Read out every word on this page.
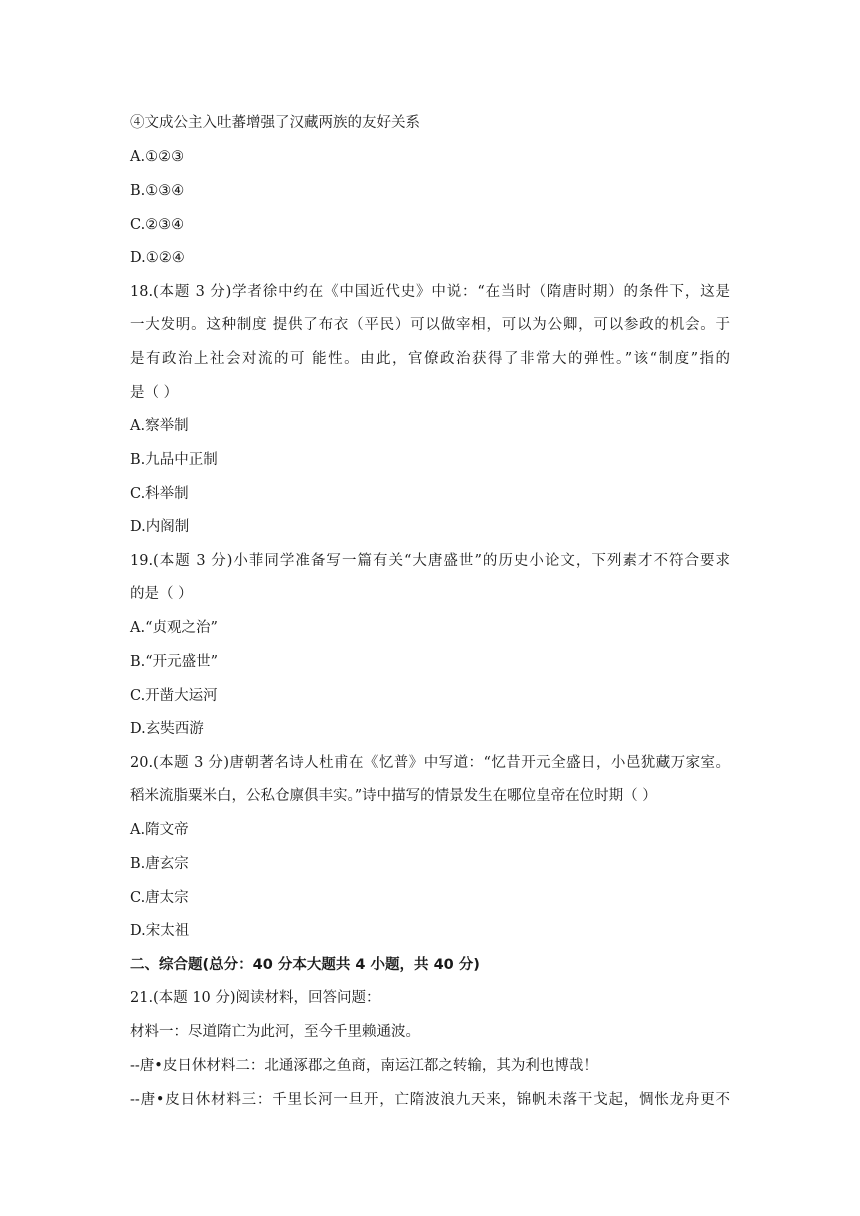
④文成公主入吐蕃增强了汉藏两族的友好关系
A.①②③
B.①③④
C.②③④
D.①②④
18.(本题 3 分)学者徐中约在《中国近代史》中说：“在当时（隋唐时期）的条件下，这是
一大发明。这种制度 提供了布衣（平民）可以做宰相，可以为公卿，可以参政的机会。于
是有政治上社会对流的可 能性。由此，官僚政治获得了非常大的弹性。”该“制度”指的
是（ ）
A.察举制
B.九品中正制
C.科举制
D.内阁制
19.(本题 3 分)小菲同学准备写一篇有关“大唐盛世”的历史小论文，下列素才不符合要求
的是（ ）
A.“贞观之治”
B.“开元盛世”
C.开凿大运河
D.玄奘西游
20.(本题 3 分)唐朝著名诗人杜甫在《忆普》中写道：“忆昔开元全盛日，小邑犹藏万家室。
稻米流脂粟米白，公私仓廪俱丰实。”诗中描写的情景发生在哪位皇帝在位时期（ ）
A.隋文帝
B.唐玄宗
C.唐太宗
D.宋太祖
二、综合题(总分：40 分本大题共 4 小题，共 40 分)
21.(本题 10 分)阅读材料，回答问题：
材料一：尽道隋亡为此河，至今千里赖通波。
--唐•皮日休材料二：北通涿郡之鱼商，南运江都之转输，其为利也博哉！
--唐•皮日休材料三：千里长河一旦开，亡隋波浪九天来，锦帆未落干戈起，惆怅龙舟更不
